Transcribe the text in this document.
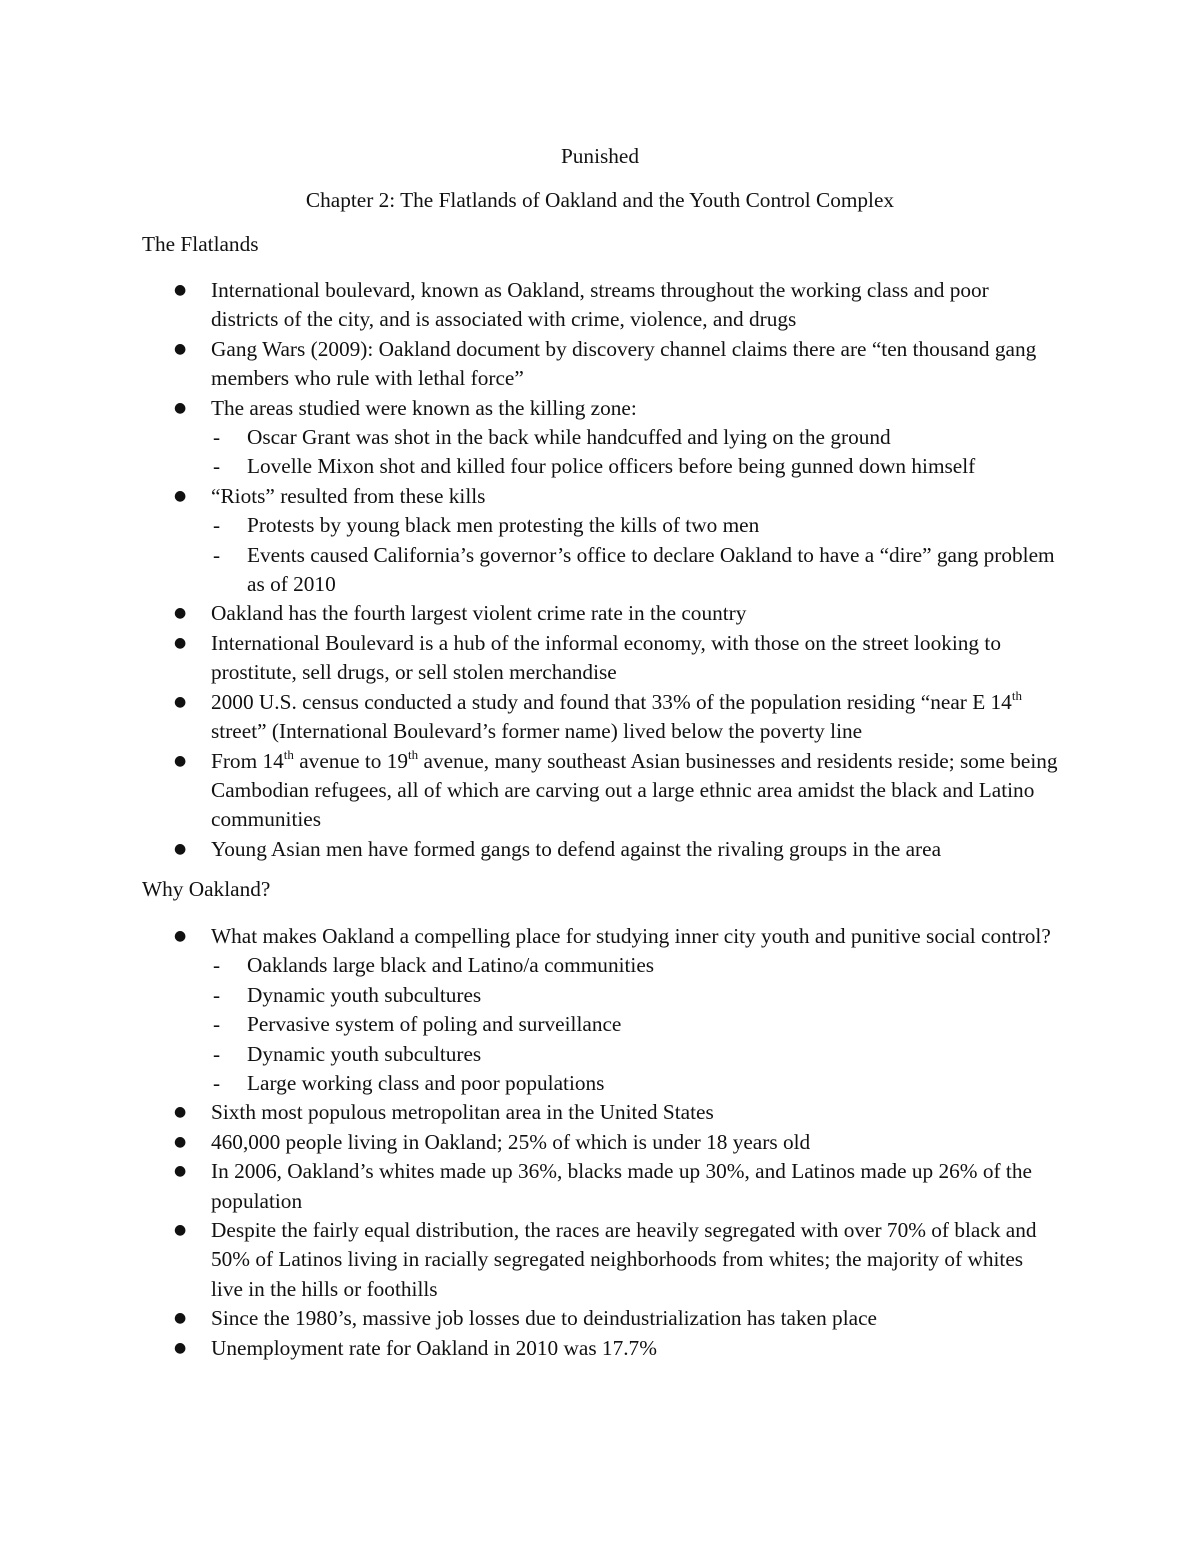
Punished
Chapter 2: The Flatlands of Oakland and the Youth Control Complex
The Flatlands
● International boulevard, known as Oakland, streams throughout the working class and poor districts of the city, and is associated with crime, violence, and drugs
● Gang Wars (2009): Oakland document by discovery channel claims there are “ten thousand gang members who rule with lethal force”
● The areas studied were known as the killing zone:
- Oscar Grant was shot in the back while handcuffed and lying on the ground
- Lovelle Mixon shot and killed four police officers before being gunned down himself
● “Riots” resulted from these kills
- Protests by young black men protesting the kills of two men
- Events caused California’s governor’s office to declare Oakland to have a “dire” gang problem as of 2010
● Oakland has the fourth largest violent crime rate in the country
● International Boulevard is a hub of the informal economy, with those on the street looking to prostitute, sell drugs, or sell stolen merchandise
● 2000 U.S. census conducted a study and found that 33% of the population residing “near E 14th street” (International Boulevard’s former name) lived below the poverty line
● From 14th avenue to 19th avenue, many southeast Asian businesses and residents reside; some being Cambodian refugees, all of which are carving out a large ethnic area amidst the black and Latino communities
● Young Asian men have formed gangs to defend against the rivaling groups in the area
Why Oakland?
● What makes Oakland a compelling place for studying inner city youth and punitive social control?
- Oaklands large black and Latino/a communities
- Dynamic youth subcultures
- Pervasive system of poling and surveillance
- Dynamic youth subcultures
- Large working class and poor populations
● Sixth most populous metropolitan area in the United States
● 460,000 people living in Oakland; 25% of which is under 18 years old
● In 2006, Oakland’s whites made up 36%, blacks made up 30%, and Latinos made up 26% of the population
● Despite the fairly equal distribution, the races are heavily segregated with over 70% of black and 50% of Latinos living in racially segregated neighborhoods from whites; the majority of whites live in the hills or foothills
● Since the 1980’s, massive job losses due to deindustrialization has taken place
● Unemployment rate for Oakland in 2010 was 17.7%
